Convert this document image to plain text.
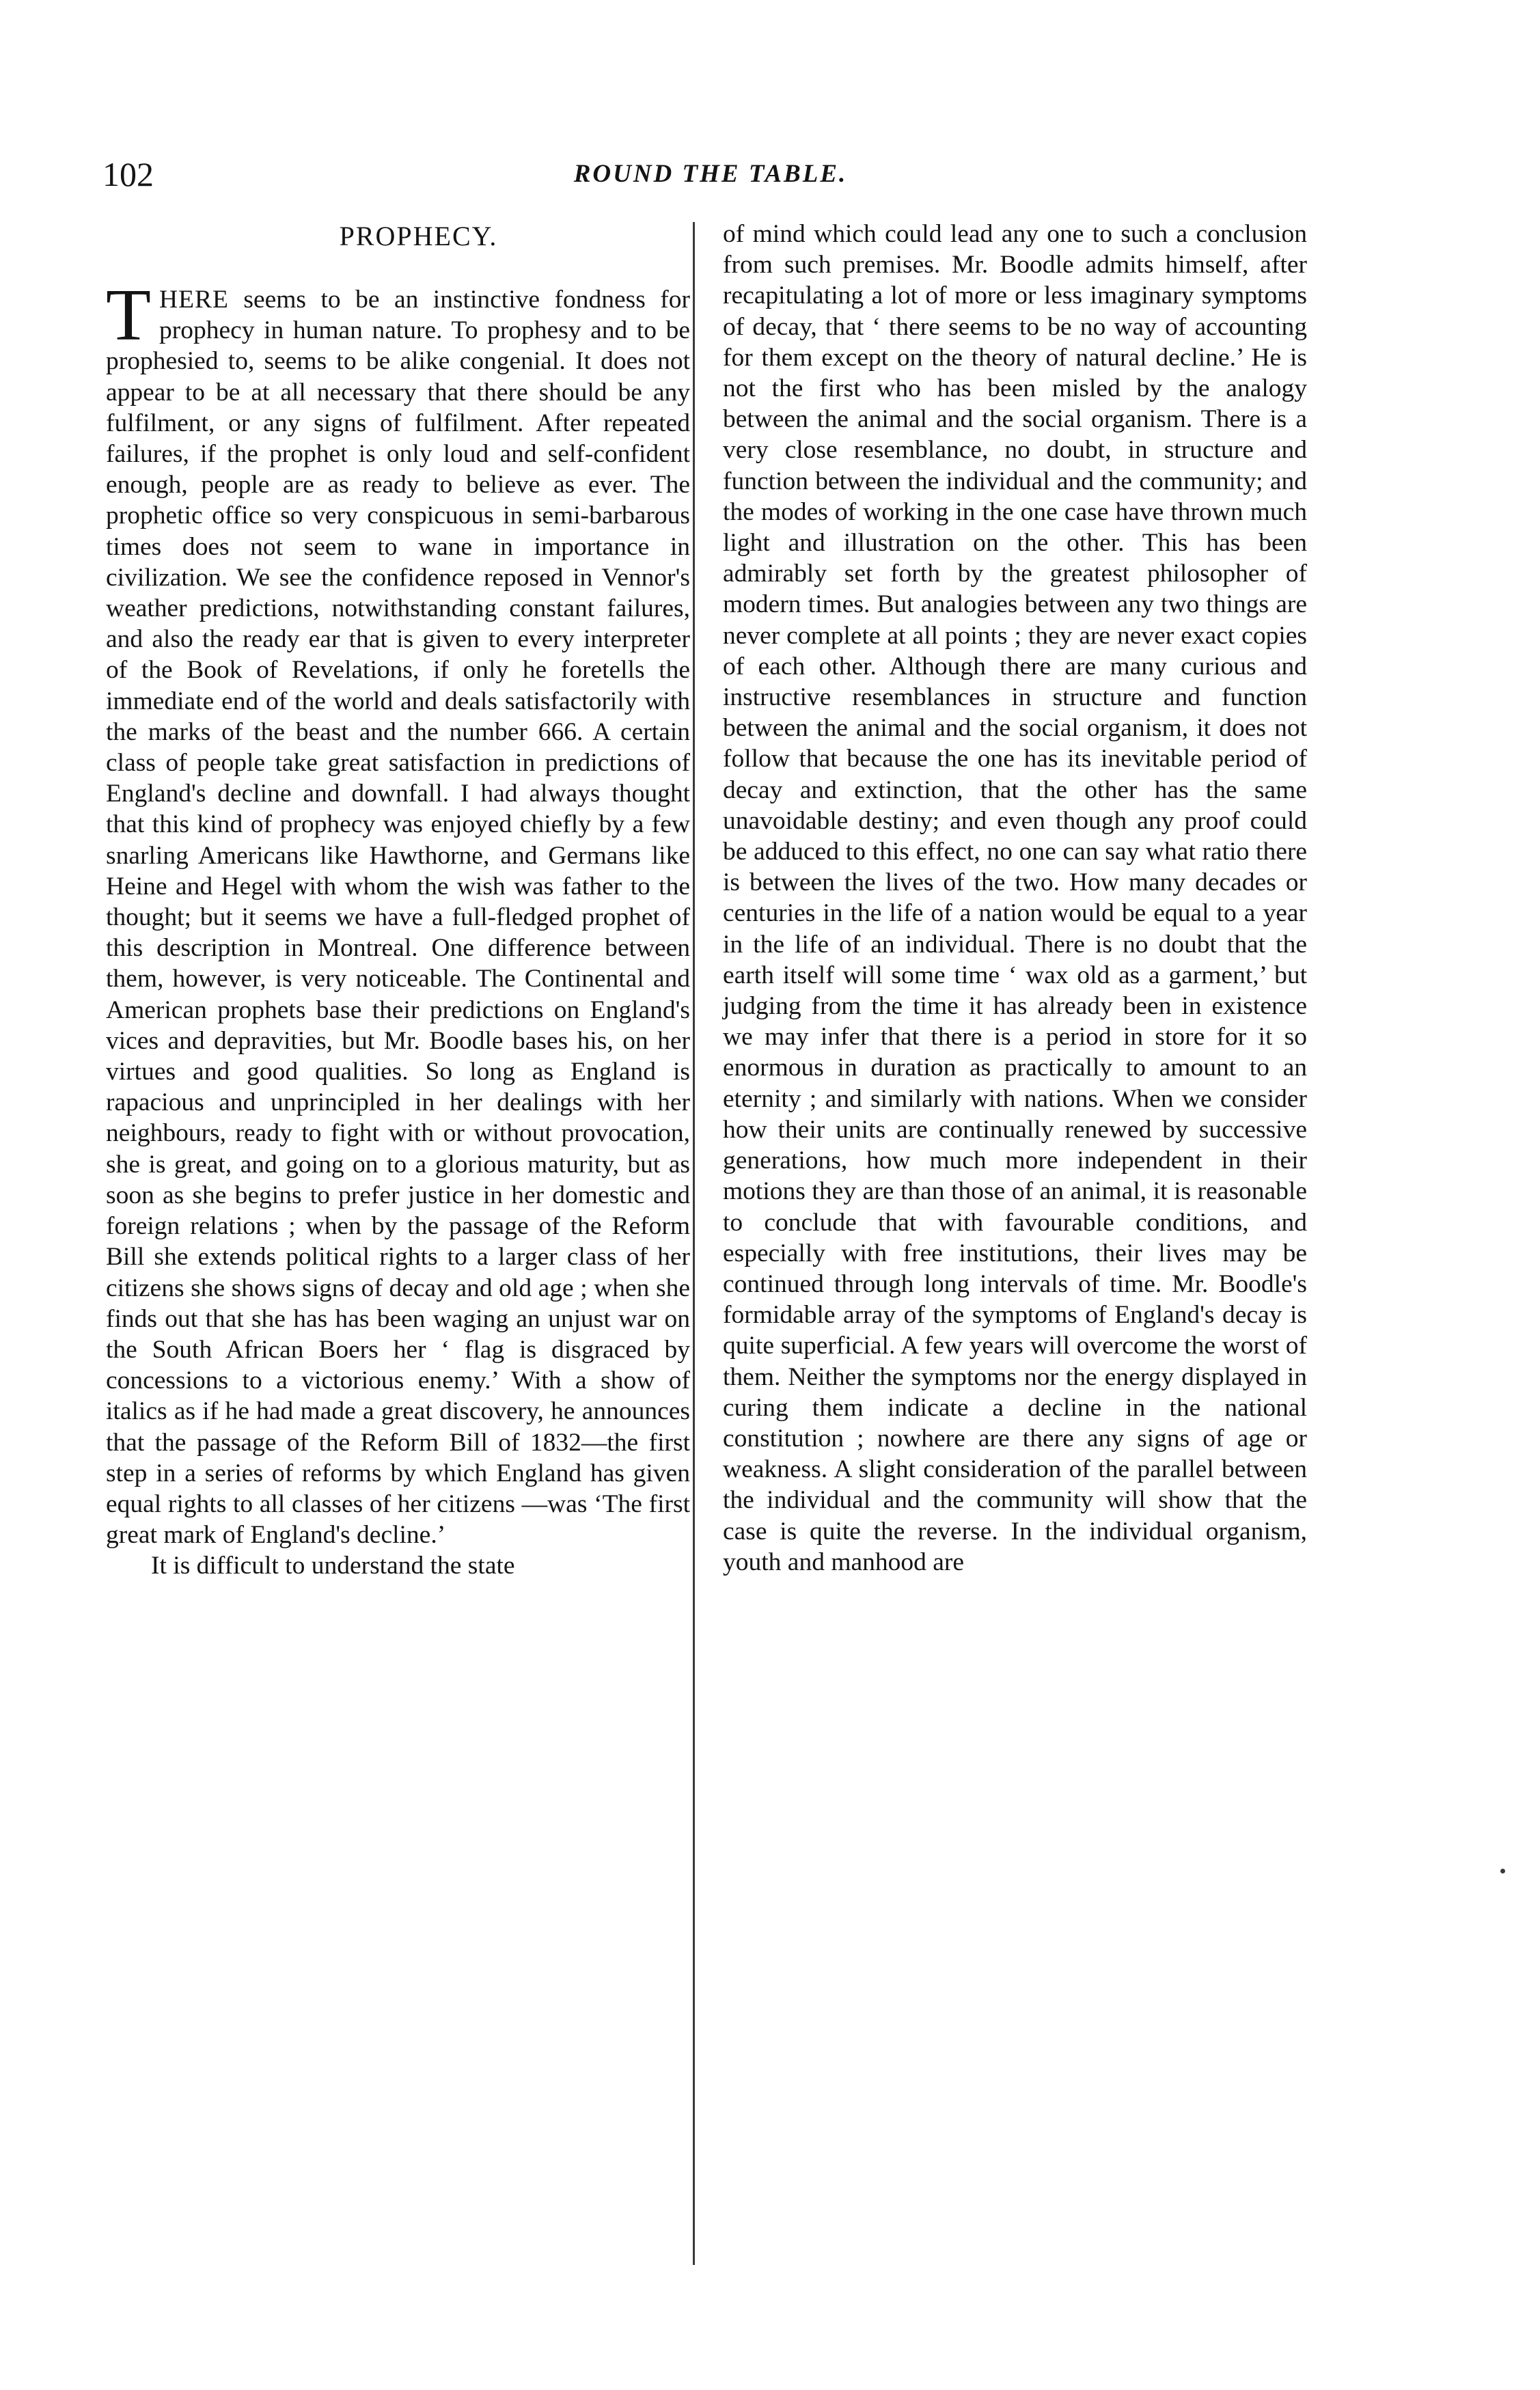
102	ROUND THE TABLE.
PROPHECY.

THERE seems to be an instinctive fondness for prophecy in human nature. To prophesy and to be prophesied to, seems to be alike congenial. It does not appear to be at all necessary that there should be any fulfilment, or any signs of fulfilment. After repeated failures, if the prophet is only loud and self-confident enough, people are as ready to believe as ever. The prophetic office so very conspicuous in semi-barbarous times does not seem to wane in importance in civilization. We see the confidence reposed in Vennor's weather predictions, notwithstanding constant failures, and also the ready ear that is given to every interpreter of the Book of Revelations, if only he foretells the immediate end of the world and deals satisfactorily with the marks of the beast and the number 666. A certain class of people take great satisfaction in predictions of England's decline and downfall. I had always thought that this kind of prophecy was enjoyed chiefly by a few snarling Americans like Hawthorne, and Germans like Heine and Hegel with whom the wish was father to the thought; but it seems we have a full-fledged prophet of this description in Montreal. One difference between them, however, is very noticeable. The Continental and American prophets base their predictions on England's vices and depravities, but Mr. Boodle bases his, on her virtues and good qualities. So long as England is rapacious and unprincipled in her dealings with her neighbours, ready to fight with or without provocation, she is great, and going on to a glorious maturity, but as soon as she begins to prefer justice in her domestic and foreign relations ; when by the passage of the Reform Bill she extends political rights to a larger class of her citizens she shows signs of decay and old age ; when she finds out that she has has been waging an unjust war on the South African Boers her ‘ flag is disgraced by concessions to a victorious enemy.’ With a show of italics as if he had made a great discovery, he announces that the passage of the Reform Bill of 1832—the first step in a series of reforms by which England has given equal rights to all classes of her citizens —was ‘The first great mark of England's decline.’

It is difficult to understand the state

of mind which could lead any one to such a conclusion from such premises. Mr. Boodle admits himself, after recapitulating a lot of more or less imaginary symptoms of decay, that ‘ there seems to be no way of accounting for them except on the theory of natural decline.’ He is not the first who has been misled by the analogy between the animal and the social organism. There is a very close resemblance, no doubt, in structure and function between the individual and the community; and the modes of working in the one case have thrown much light and illustration on the other. This has been admirably set forth by the greatest philosopher of modern times. But analogies between any two things are never complete at all points ; they are never exact copies of each other. Although there are many curious and instructive resemblances in structure and function between the animal and the social organism, it does not follow that because the one has its inevitable period of decay and extinction, that the other has the same unavoidable destiny; and even though any proof could be adduced to this effect, no one can say what ratio there is between the lives of the two. How many decades or centuries in the life of a nation would be equal to a year in the life of an individual. There is no doubt that the earth itself will some time ‘ wax old as a garment,’ but judging from the time it has already been in existence we may infer that there is a period in store for it so enormous in duration as practically to amount to an eternity ; and similarly with nations. When we consider how their units are continually renewed by successive generations, how much more independent in their motions they are than those of an animal, it is reasonable to conclude that with favourable conditions, and especially with free institutions, their lives may be continued through long intervals of time. Mr. Boodle's formidable array of the symptoms of England's decay is quite superficial. A few years will overcome the worst of them. Neither the symptoms nor the energy displayed in curing them indicate a decline in the national constitution ; nowhere are there any signs of age or weakness. A slight consideration of the parallel between the individual and the community will show that the case is quite the reverse. In the individual organism, youth and manhood are
